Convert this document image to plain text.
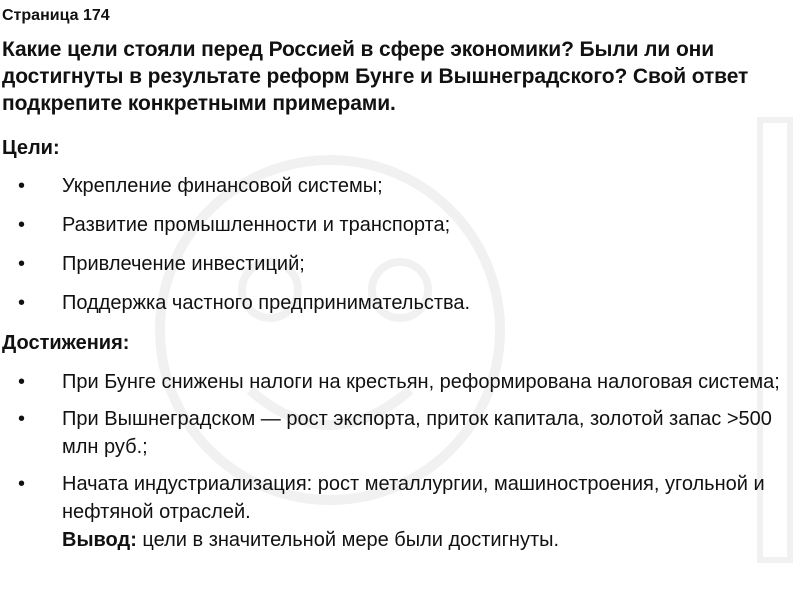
Страница 174
Какие цели стояли перед Россией в сфере экономики? Были ли они достигнуты в результате реформ Бунге и Вышнеградского? Свой ответ подкрепите конкретными примерами.
Цели:
• Укрепление финансовой системы;
• Развитие промышленности и транспорта;
• Привлечение инвестиций;
• Поддержка частного предпринимательства.
Достижения:
• При Бунге снижены налоги на крестьян, реформирована налоговая система;
• При Вышнеградском — рост экспорта, приток капитала, золотой запас >500 млн руб.;
• Начата индустриализация: рост металлургии, машиностроения, угольной и нефтяной отраслей.
Вывод: цели в значительной мере были достигнуты.
